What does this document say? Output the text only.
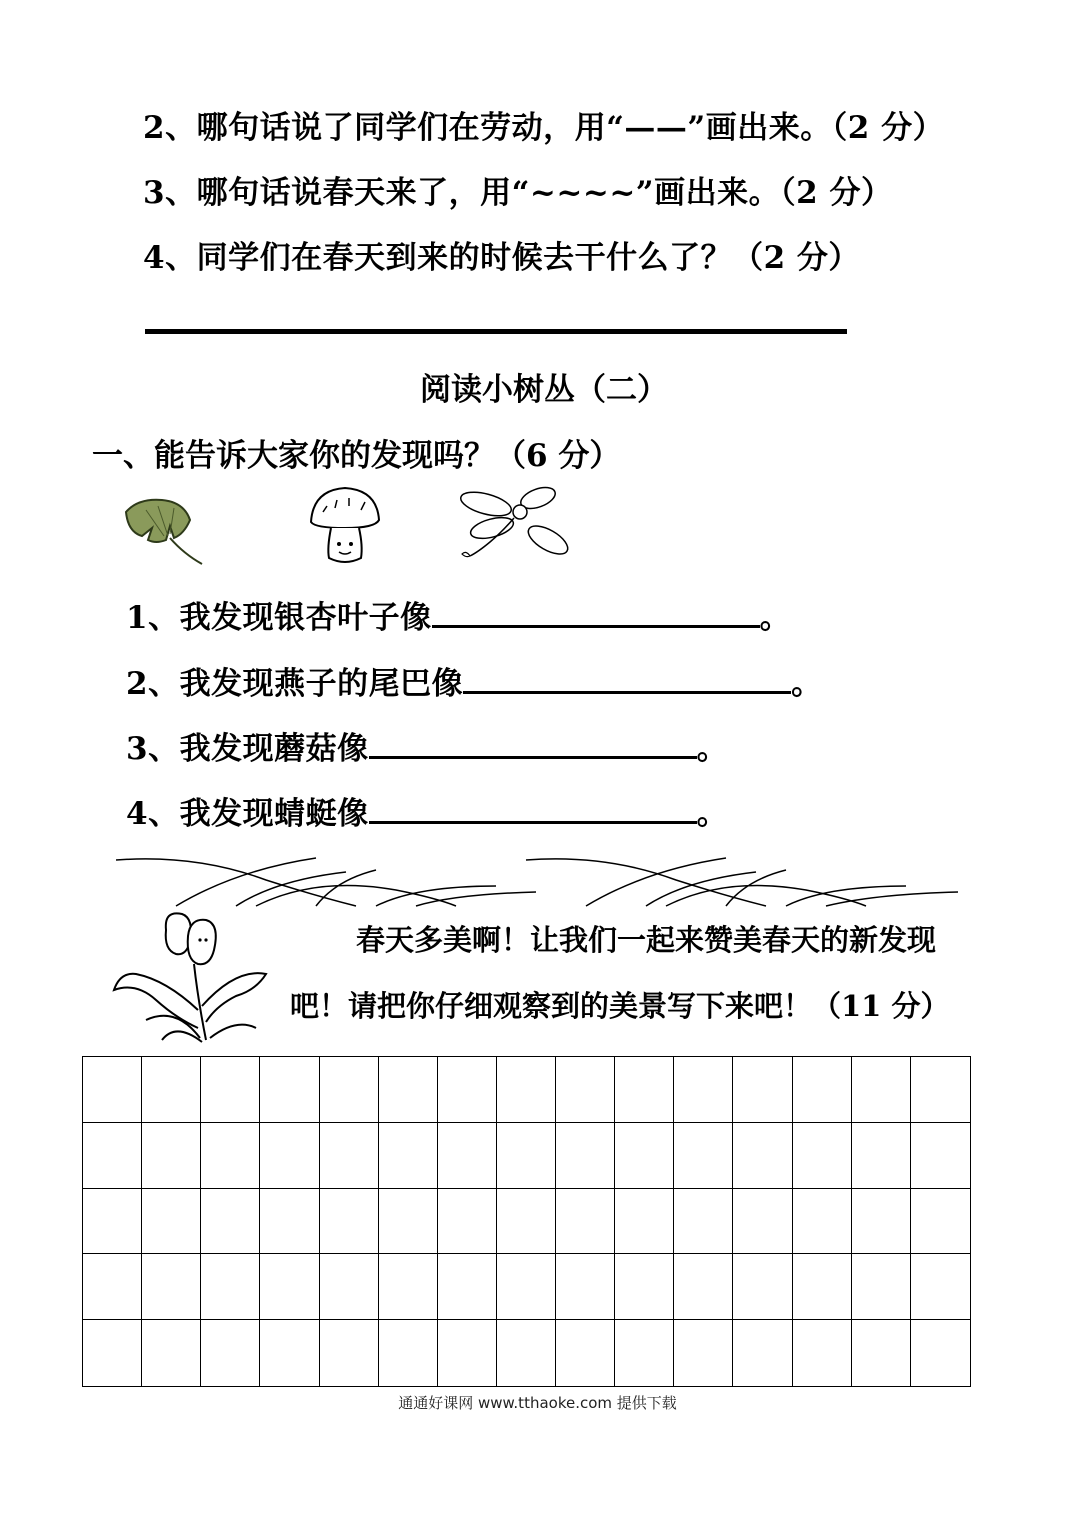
2、哪句话说了同学们在劳动，用“——”画出来。（2 分）
3、哪句话说春天来了，用“~~~~”画出来。（2 分）
4、同学们在春天到来的时候去干什么了？（2 分）
阅读小树丛（二）
一、能告诉大家你的发现吗？（6 分）
1、我发现银杏叶子像	。
2、我发现燕子的尾巴像	。
3、我发现蘑菇像	。
4、我发现蜻蜓像	。
春天多美啊！让我们一起来赞美春天的新发现
吧！请把你仔细观察到的美景写下来吧！（11 分）
通通好课网 www.tthaoke.com 提供下载
